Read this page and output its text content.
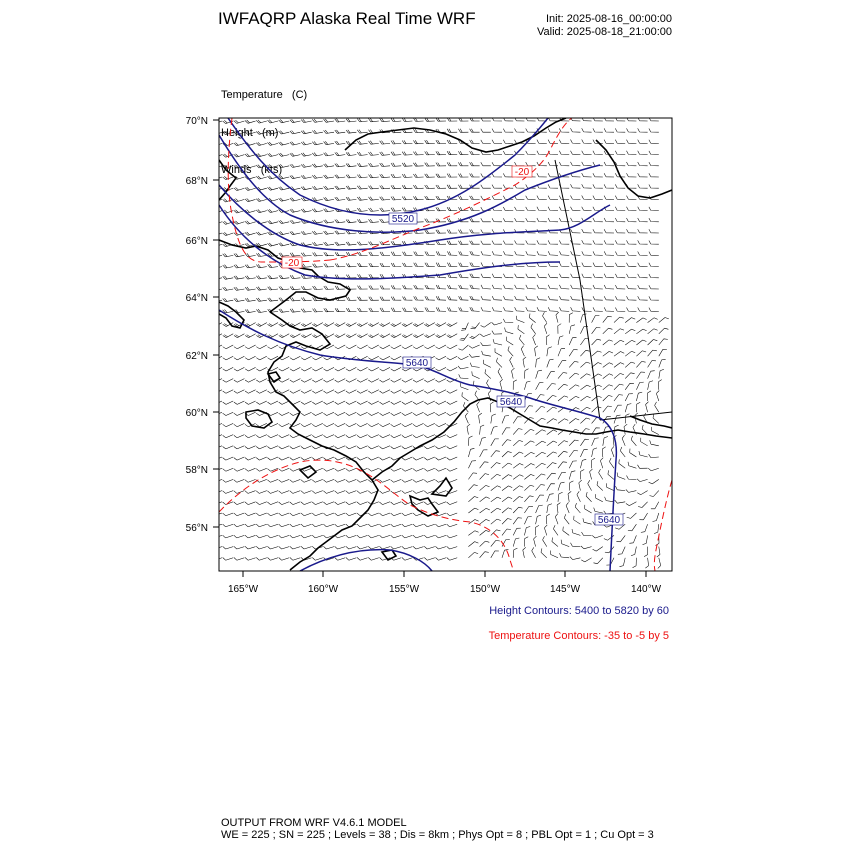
IWFAQRP Alaska Real Time WRF	Init: 2025-08-16_00:00:00
Valid: 2025-08-18_21:00:00

Temperature   (C)

Height   (m)

Winds   (kts)

5520
5640
5640
5640
-20
-20
70°N
68°N
66°N
64°N
62°N
60°N
58°N
56°N
165°W	160°W	155°W	150°W	145°W	140°W
Height Contours: 5400 to 5820 by 60
Temperature Contours: -35 to -5 by 5
OUTPUT FROM WRF V4.6.1 MODEL
WE = 225 ; SN = 225 ; Levels = 38 ; Dis = 8km ; Phys Opt = 8 ; PBL Opt = 1 ; Cu Opt = 3
